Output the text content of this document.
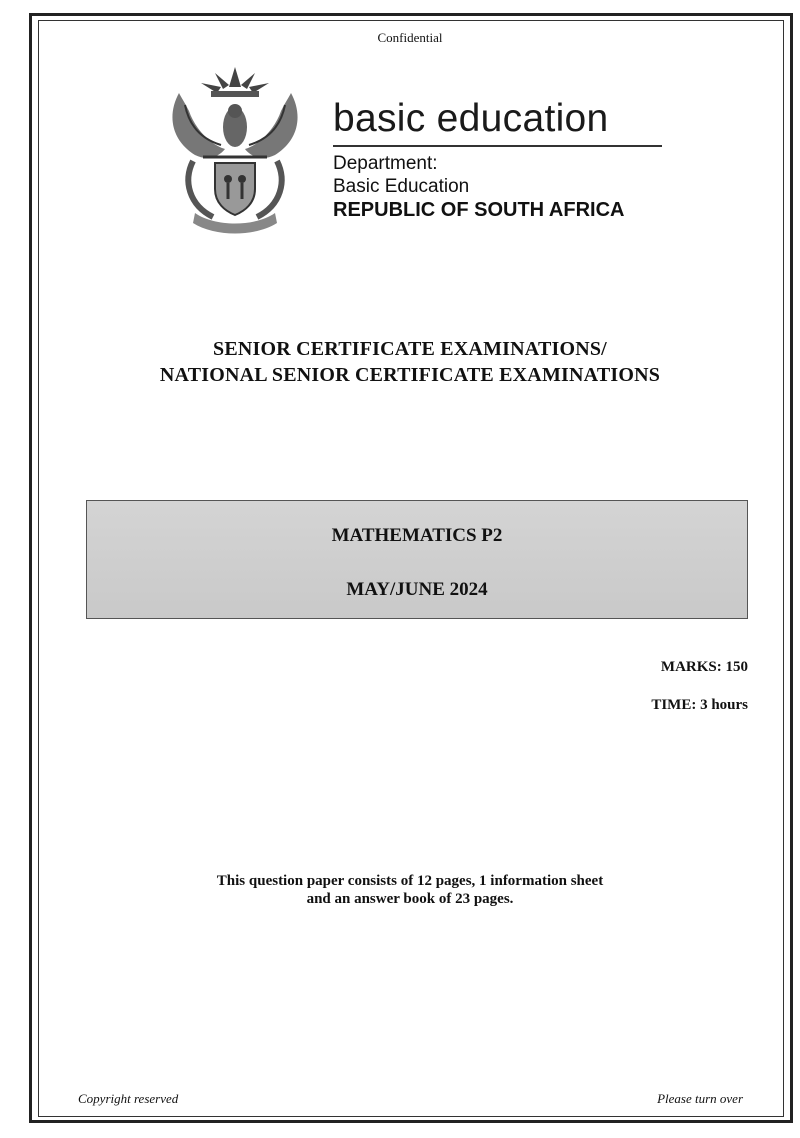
Confidential
basic education
Department:
Basic Education
REPUBLIC OF SOUTH AFRICA
SENIOR CERTIFICATE EXAMINATIONS/
NATIONAL SENIOR CERTIFICATE EXAMINATIONS
MATHEMATICS P2
MAY/JUNE 2024
MARKS: 150
TIME: 3 hours
This question paper consists of 12 pages, 1 information sheet
and an answer book of 23 pages.
Copyright reserved	Please turn over
